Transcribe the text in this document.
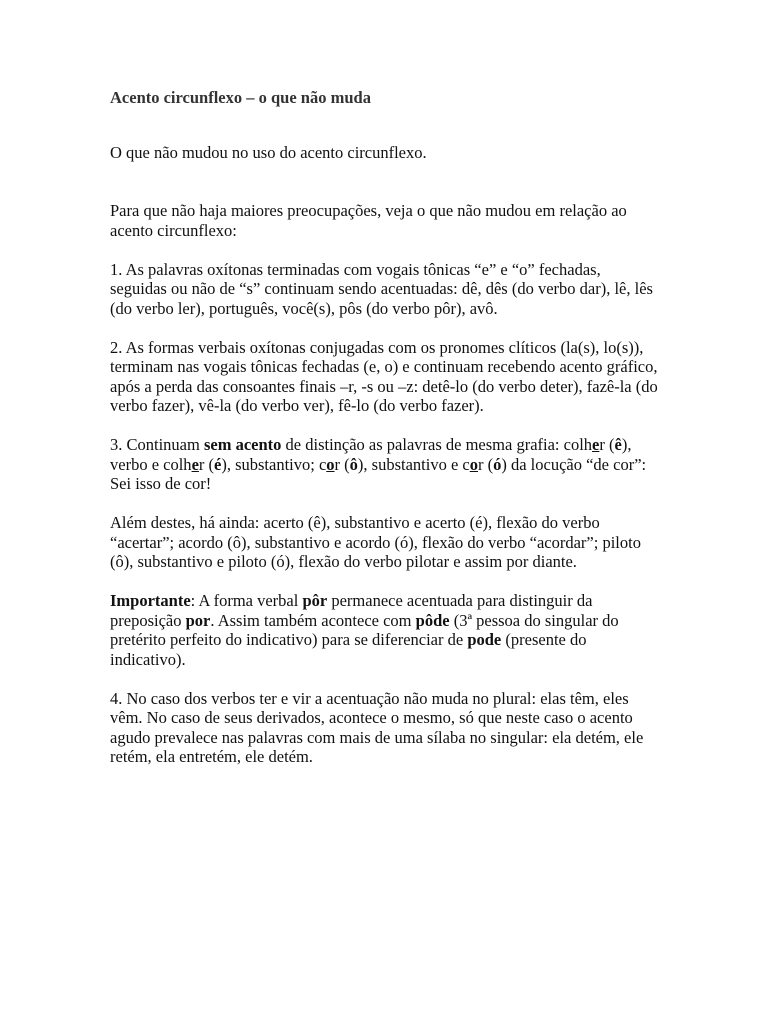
Acento circunflexo – o que não muda

O que não mudou no uso do acento circunflexo.

Para que não haja maiores preocupações, veja o que não mudou em relação ao acento circunflexo:

1. As palavras oxítonas terminadas com vogais tônicas “e” e “o” fechadas, seguidas ou não de “s” continuam sendo acentuadas: dê, dês (do verbo dar), lê, lês (do verbo ler), português, você(s), pôs (do verbo pôr), avô.

2. As formas verbais oxítonas conjugadas com os pronomes clíticos (la(s), lo(s)), terminam nas vogais tônicas fechadas (e, o) e continuam recebendo acento gráfico, após a perda das consoantes finais –r, -s ou –z: detê-lo (do verbo deter), fazê-la (do verbo fazer), vê-la (do verbo ver), fê-lo (do verbo fazer).

3. Continuam sem acento de distinção as palavras de mesma grafia: colher (ê), verbo e colher (é), substantivo; cor (ô), substantivo e cor (ó) da locução “de cor”: Sei isso de cor!

Além destes, há ainda: acerto (ê), substantivo e acerto (é), flexão do verbo “acertar”; acordo (ô), substantivo e acordo (ó), flexão do verbo “acordar”; piloto (ô), substantivo e piloto (ó), flexão do verbo pilotar e assim por diante.

Importante: A forma verbal pôr permanece acentuada para distinguir da preposição por. Assim também acontece com pôde (3ª pessoa do singular do pretérito perfeito do indicativo) para se diferenciar de pode (presente do indicativo).

4. No caso dos verbos ter e vir a acentuação não muda no plural: elas têm, eles vêm. No caso de seus derivados, acontece o mesmo, só que neste caso o acento agudo prevalece nas palavras com mais de uma sílaba no singular: ela detém, ele retém, ela entretém, ele detém.
